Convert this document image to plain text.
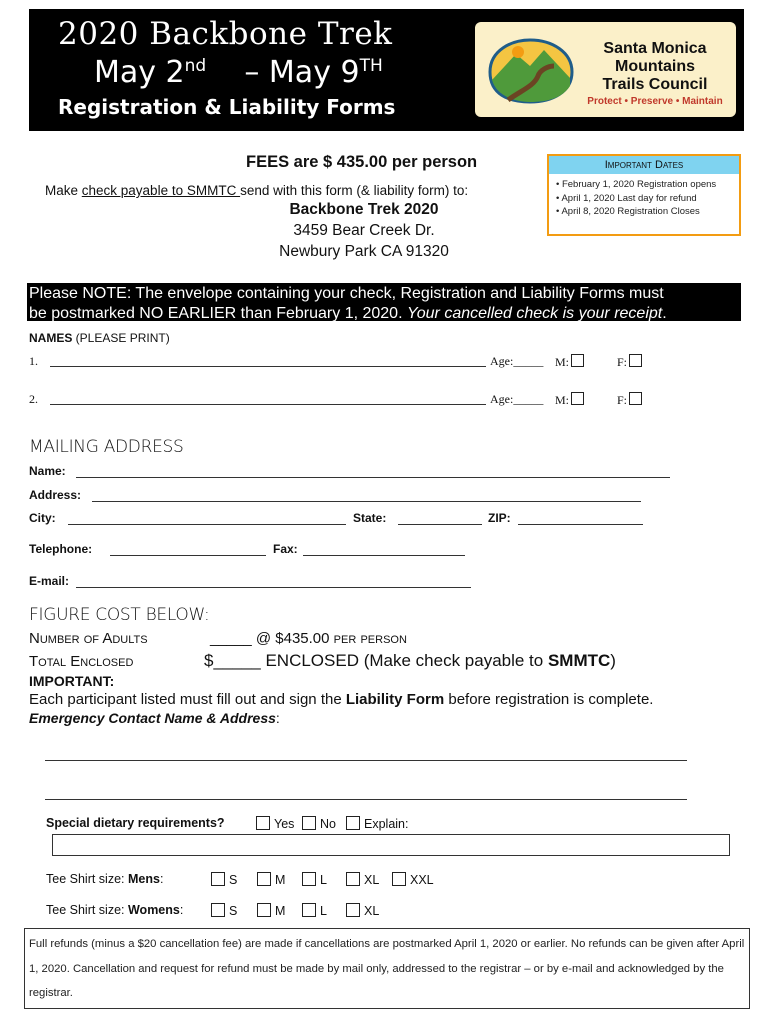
2020 Backbone Trek
May 2nd – May 9TH
Registration & Liability Forms
Santa Monica
Mountains
Trails Council
Protect • Preserve • Maintain
FEES are $ 435.00 per person
Make check payable to SMMTC send with this form (& liability form) to:
Backbone Trek 2020
3459 Bear Creek Dr.
Newbury Park CA 91320
Important Dates
• February 1, 2020 Registration opens
• April 1, 2020 Last day for refund
• April 8, 2020 Registration Closes
Please NOTE: The envelope containing your check, Registration and Liability Forms must
be postmarked NO EARLIER than February 1, 2020. Your cancelled check is your receipt.
NAMES (PLEASE PRINT)
1.	Age:_____ M:	F:
2.	Age:_____ M:	F:
MAILING ADDRESS
Name:
Address:
City:	State:	ZIP:
Telephone:	Fax:
E-mail:
FIGURE COST BELOW:
Number of Adults	_____ @ $435.00 per person
Total Enclosed	$_____ ENCLOSED (Make check payable to SMMTC)
IMPORTANT:
Each participant listed must fill out and sign the Liability Form before registration is complete.
Emergency Contact Name & Address:
Special dietary requirements?	Yes	No	Explain:
Tee Shirt size: Mens:	S	M	L	XL	XXL
Tee Shirt size: Womens:	S	M	L	XL
Full refunds (minus a $20 cancellation fee) are made if cancellations are postmarked April 1, 2020 or earlier. No refunds can be given after April 1, 2020. Cancellation and request for refund must be made by mail only, addressed to the registrar – or by e-mail and acknowledged by the registrar.
